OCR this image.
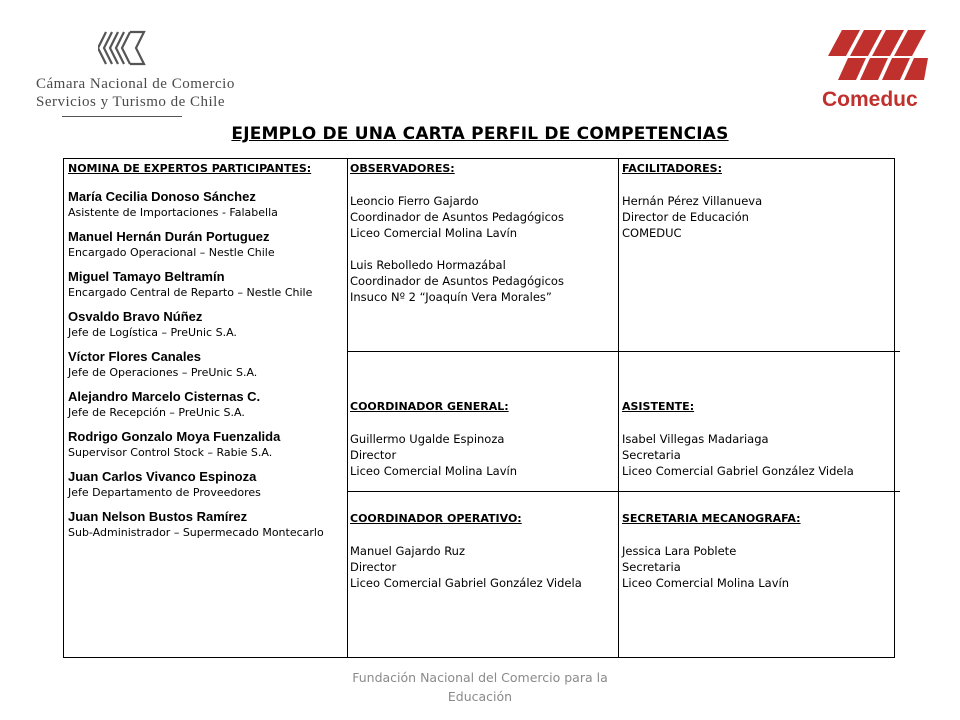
Cámara Nacional de Comercio
Servicios y Turismo de Chile	Comeduc
EJEMPLO DE UNA CARTA PERFIL DE COMPETENCIAS
NOMINA DE EXPERTOS PARTICIPANTES:
María Cecilia Donoso Sánchez
Asistente de Importaciones - Falabella
Manuel Hernán Durán Portuguez
Encargado Operacional – Nestle Chile
Miguel Tamayo Beltramín
Encargado Central de Reparto – Nestle Chile
Osvaldo Bravo Núñez
Jefe de Logística – PreUnic S.A.
Víctor Flores Canales
Jefe de Operaciones – PreUnic S.A.
Alejandro Marcelo Cisternas C.
Jefe de Recepción – PreUnic S.A.
Rodrigo Gonzalo Moya Fuenzalida
Supervisor Control Stock – Rabie S.A.
Juan Carlos Vivanco Espinoza
Jefe Departamento de Proveedores
Juan Nelson Bustos Ramírez
Sub-Administrador – Supermecado Montecarlo
OBSERVADORES:
Leoncio Fierro Gajardo
Coordinador de Asuntos Pedagógicos
Liceo Comercial Molina Lavín
Luis Rebolledo Hormazábal
Coordinador de Asuntos Pedagógicos
Insuco Nº 2 “Joaquín Vera Morales”
FACILITADORES:
Hernán Pérez Villanueva
Director de Educación
COMEDUC
COORDINADOR GENERAL:
Guillermo Ugalde Espinoza
Director
Liceo Comercial Molina Lavín
ASISTENTE:
Isabel Villegas Madariaga
Secretaria
Liceo Comercial Gabriel González Videla
COORDINADOR OPERATIVO:
Manuel Gajardo Ruz
Director
Liceo Comercial Gabriel González Videla
SECRETARIA MECANOGRAFA:
Jessica Lara Poblete
Secretaria
Liceo Comercial Molina Lavín
Fundación Nacional del Comercio para la
Educación
